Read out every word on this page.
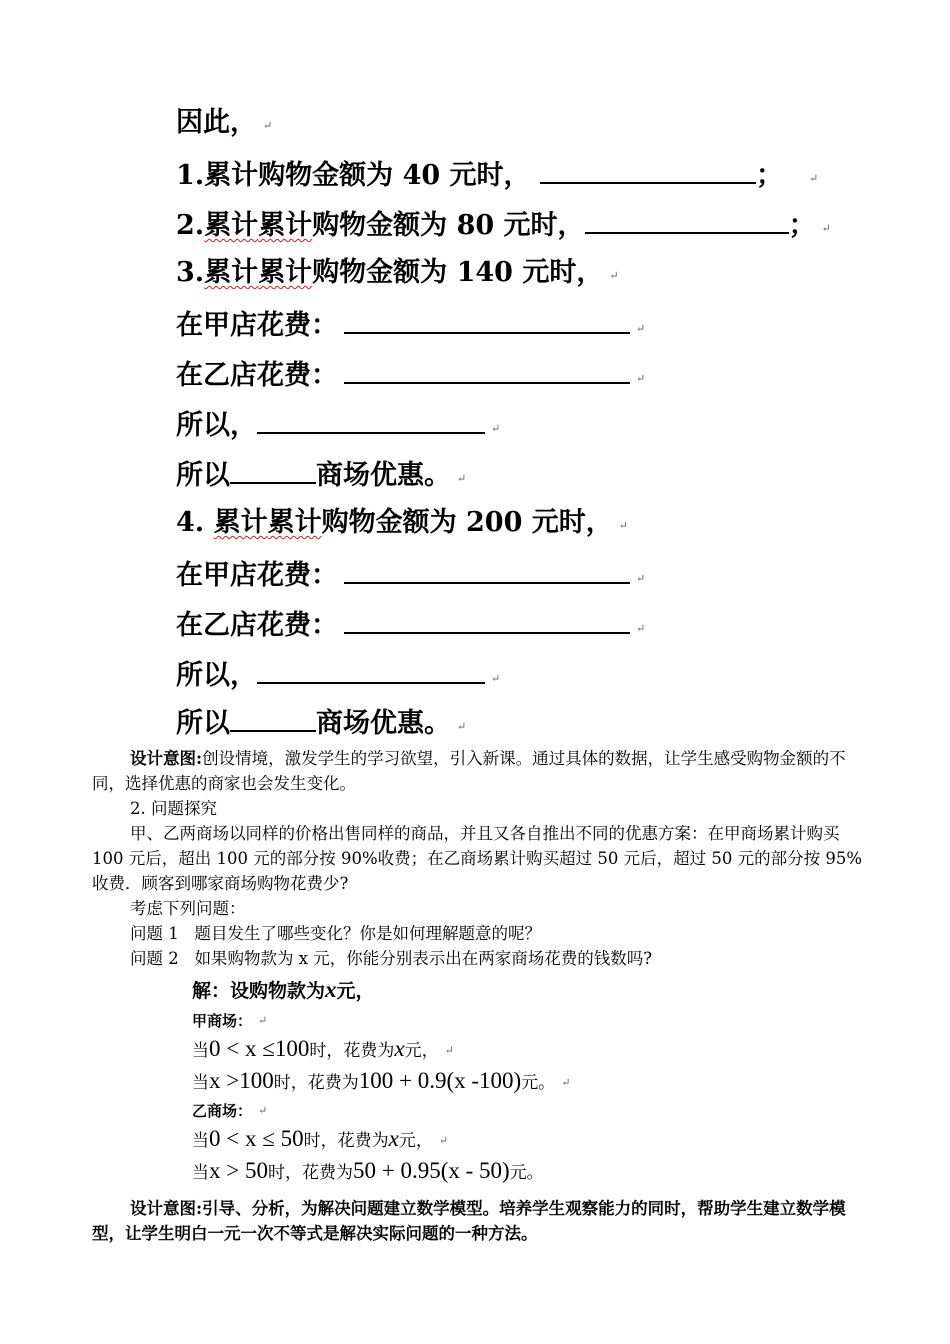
因此， ↵
1.累计购物金额为 40 元时，	； ↵
2.累计累计购物金额为 80 元时，	； ↵
3.累计累计购物金额为 140 元时， ↵
在甲店花费：	↵
在乙店花费：	↵
所以，	↵
所以	商场优惠。 ↵
4. 累计累计购物金额为 200 元时， ↵
在甲店花费：	↵
在乙店花费：	↵
所以，	↵
所以	商场优惠。 ↵
设计意图:创设情境，激发学生的学习欲望，引入新课。通过具体的数据，让学生感受购物金额的不同，选择优惠的商家也会发生变化。
2. 问题探究
甲、乙两商场以同样的价格出售同样的商品，并且又各自推出不同的优惠方案：在甲商场累计购买 100 元后，超出 100 元的部分按 90%收费；在乙商场累计购买超过 50 元后，超过 50 元的部分按 95%收费．顾客到哪家商场购物花费少?
考虑下列问题：
问题 1 题目发生了哪些变化？你是如何理解题意的呢？
问题 2 如果购物款为 x 元，你能分别表示出在两家商场花费的钱数吗?
解：设购物款为x元，
甲商场： ↵
当0 < x ≤100时，花费为x元， ↵
当x >100时，花费为100 + 0.9(x -100)元。 ↵
乙商场： ↵
当0 < x ≤ 50时，花费为x元， ↵
当x > 50时，花费为50 + 0.95(x - 50)元。
设计意图:引导、分析，为解决问题建立数学模型。培养学生观察能力的同时，帮助学生建立数学模型，让学生明白一元一次不等式是解决实际问题的一种方法。
